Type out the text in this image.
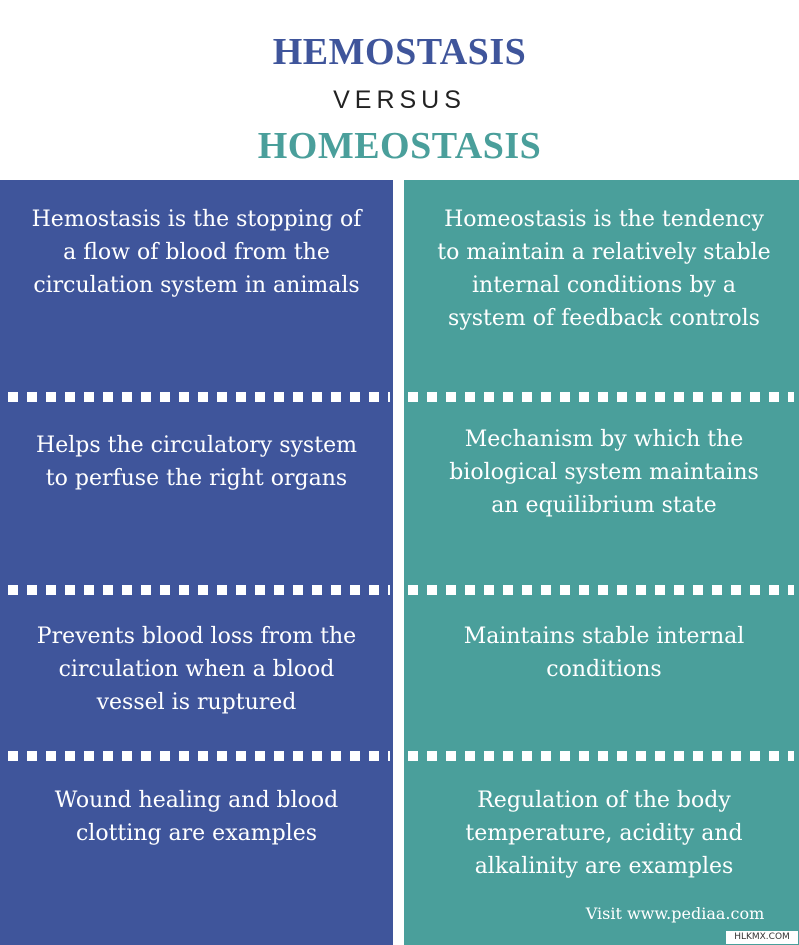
HEMOSTASIS
VERSUS
HOMEOSTASIS
Hemostasis is the stopping of a flow of blood from the circulation system in animals
Homeostasis is the tendency to maintain a relatively stable internal conditions by a system of feedback controls
Helps the circulatory system to perfuse the right organs
Mechanism by which the biological system maintains an equilibrium state
Prevents blood loss from the circulation when a blood vessel is ruptured
Maintains stable internal conditions
Wound healing and blood clotting are examples
Regulation of the body temperature, acidity and alkalinity are examples
Visit www.pediaa.com
HLKMX.COM
